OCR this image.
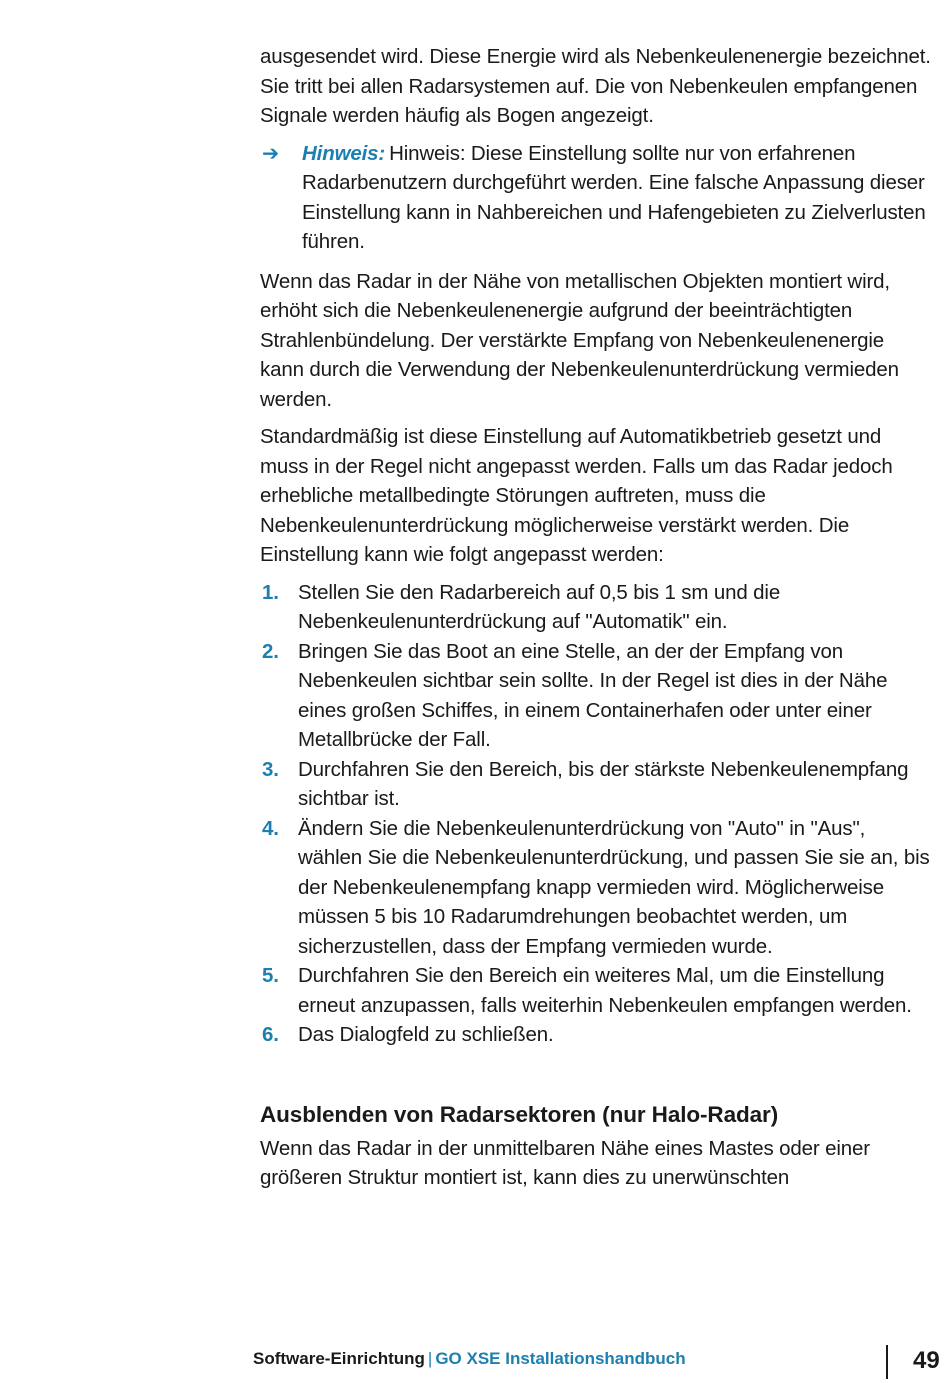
ausgesendet wird. Diese Energie wird als Nebenkeulenenergie bezeichnet. Sie tritt bei allen Radarsystemen auf. Die von Nebenkeulen empfangenen Signale werden häufig als Bogen angezeigt.

➔ Hinweis: Hinweis: Diese Einstellung sollte nur von erfahrenen Radarbenutzern durchgeführt werden. Eine falsche Anpassung dieser Einstellung kann in Nahbereichen und Hafengebieten zu Zielverlusten führen.

Wenn das Radar in der Nähe von metallischen Objekten montiert wird, erhöht sich die Nebenkeulenenergie aufgrund der beeinträchtigten Strahlenbündelung. Der verstärkte Empfang von Nebenkeulenenergie kann durch die Verwendung der Nebenkeulenunterdrückung vermieden werden.

Standardmäßig ist diese Einstellung auf Automatikbetrieb gesetzt und muss in der Regel nicht angepasst werden. Falls um das Radar jedoch erhebliche metallbedingte Störungen auftreten, muss die Nebenkeulenunterdrückung möglicherweise verstärkt werden. Die Einstellung kann wie folgt angepasst werden:

1. Stellen Sie den Radarbereich auf 0,5 bis 1 sm und die Nebenkeulenunterdrückung auf "Automatik" ein.
2. Bringen Sie das Boot an eine Stelle, an der der Empfang von Nebenkeulen sichtbar sein sollte. In der Regel ist dies in der Nähe eines großen Schiffes, in einem Containerhafen oder unter einer Metallbrücke der Fall.
3. Durchfahren Sie den Bereich, bis der stärkste Nebenkeulenempfang sichtbar ist.
4. Ändern Sie die Nebenkeulenunterdrückung von "Auto" in "Aus", wählen Sie die Nebenkeulenunterdrückung, und passen Sie sie an, bis der Nebenkeulenempfang knapp vermieden wird. Möglicherweise müssen 5 bis 10 Radarumdrehungen beobachtet werden, um sicherzustellen, dass der Empfang vermieden wurde.
5. Durchfahren Sie den Bereich ein weiteres Mal, um die Einstellung erneut anzupassen, falls weiterhin Nebenkeulen empfangen werden.
6. Das Dialogfeld zu schließen.
Ausblenden von Radarsektoren (nur Halo-Radar)

Wenn das Radar in der unmittelbaren Nähe eines Mastes oder einer größeren Struktur montiert ist, kann dies zu unerwünschten

Software-Einrichtung | GO XSE Installationshandbuch	49
